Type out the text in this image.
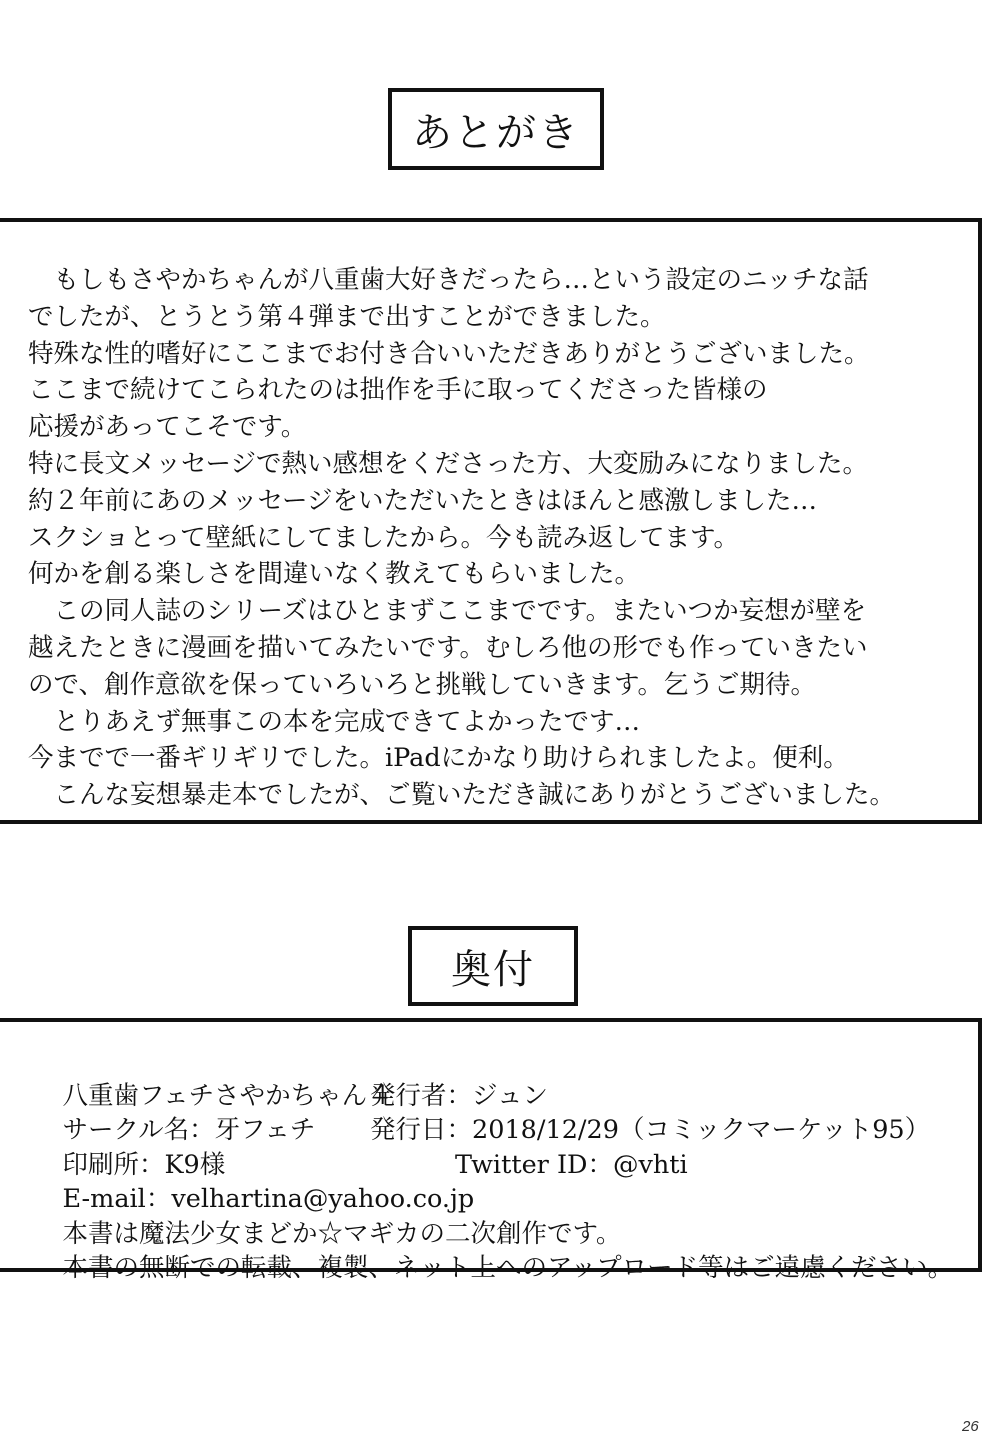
あとがき
　もしもさやかちゃんが八重歯大好きだったら…という設定のニッチな話
でしたが、とうとう第４弾まで出すことができました。
特殊な性的嗜好にここまでお付き合いいただきありがとうございました。
ここまで続けてこられたのは拙作を手に取ってくださった皆様の
応援があってこそです。
特に長文メッセージで熱い感想をくださった方、大変励みになりました。
約２年前にあのメッセージをいただいたときはほんと感激しました…
スクショとって壁紙にしてましたから。今も読み返してます。
何かを創る楽しさを間違いなく教えてもらいました。
　この同人誌のシリーズはひとまずここまでです。またいつか妄想が壁を
越えたときに漫画を描いてみたいです。むしろ他の形でも作っていきたい
ので、創作意欲を保っていろいろと挑戦していきます。乞うご期待。
　とりあえず無事この本を完成できてよかったです…
今までで一番ギリギリでした。iPadにかなり助けられましたよ。便利。
　こんな妄想暴走本でしたが、ご覧いただき誠にありがとうございました。
奥付

八重歯フェチさやかちゃん４

サークル名：牙フェチ

発行者：ジュン

印刷所：K9様

発行日：2018/12/29（コミックマーケット95）

E-mail：velhartina@yahoo.co.jp

Twitter ID：@vhti

本書は魔法少女まどか☆マギカの二次創作です。

本書の無断での転載、複製、ネット上へのアップロード等はご遠慮ください。

26
